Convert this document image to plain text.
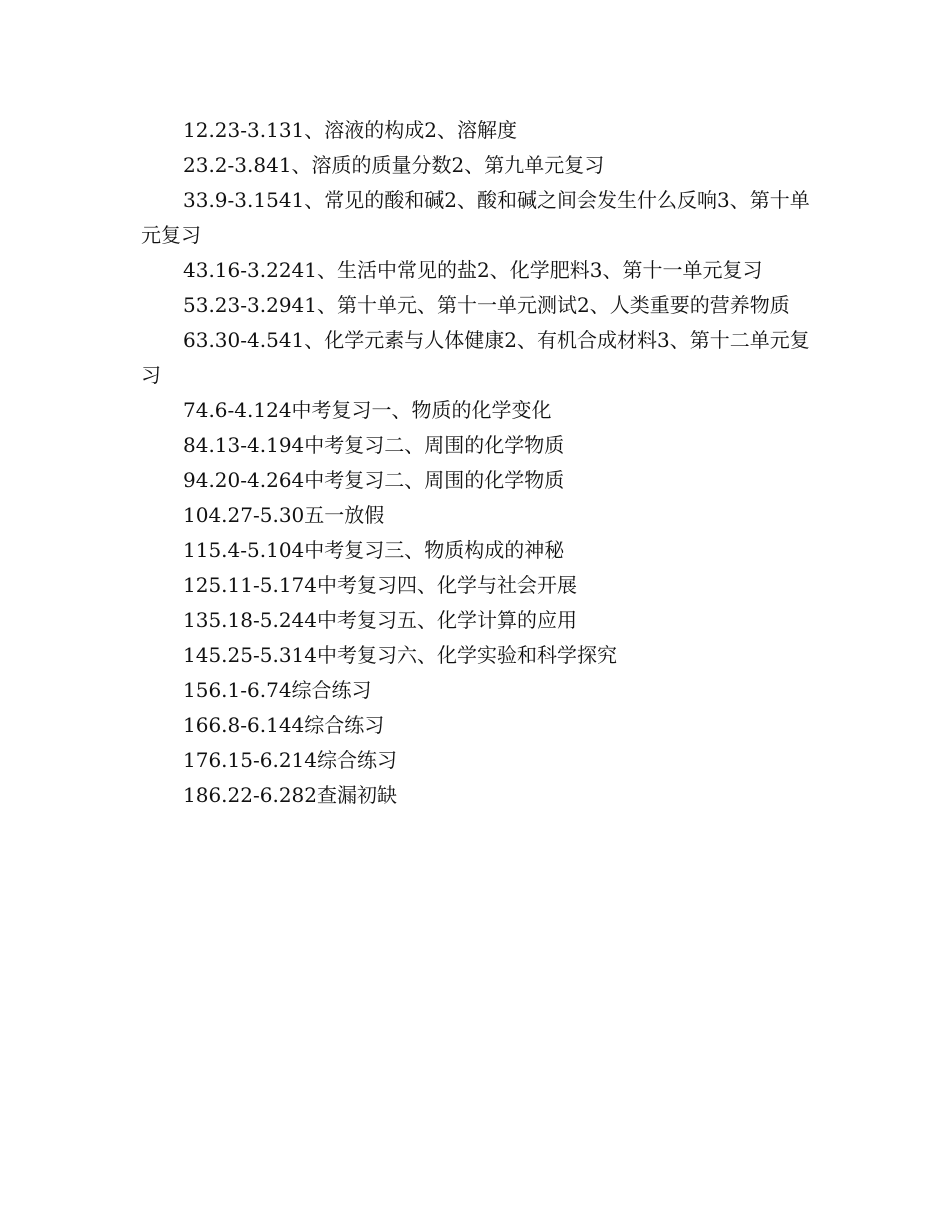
12.23-3.131、溶液的构成2、溶解度

23.2-3.841、溶质的质量分数2、第九单元复习

33.9-3.1541、常见的酸和碱2、酸和碱之间会发生什么反响3、第十单元复习

43.16-3.2241、生活中常见的盐2、化学肥料3、第十一单元复习

53.23-3.2941、第十单元、第十一单元测试2、人类重要的营养物质

63.30-4.541、化学元素与人体健康2、有机合成材料3、第十二单元复习

74.6-4.124中考复习一、物质的化学变化

84.13-4.194中考复习二、周围的化学物质

94.20-4.264中考复习二、周围的化学物质

104.27-5.30五一放假

115.4-5.104中考复习三、物质构成的神秘

125.11-5.174中考复习四、化学与社会开展

135.18-5.244中考复习五、化学计算的应用

145.25-5.314中考复习六、化学实验和科学探究

156.1-6.74综合练习

166.8-6.144综合练习

176.15-6.214综合练习

186.22-6.282查漏初缺
